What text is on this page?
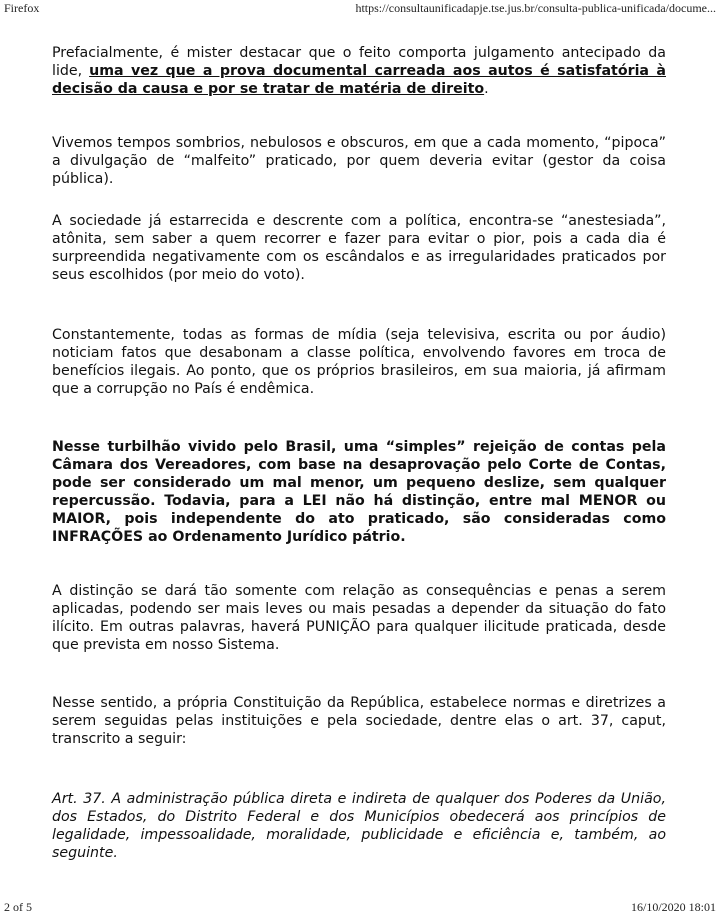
Firefox	https://consultaunificadapje.tse.jus.br/consulta-publica-unificada/docume...

Prefacialmente, é mister destacar que o feito comporta julgamento antecipado da lide, uma vez que a prova documental carreada aos autos é satisfatória à decisão da causa e por se tratar de matéria de direito.

Vivemos tempos sombrios, nebulosos e obscuros, em que a cada momento, “pipoca” a divulgação de “malfeito” praticado, por quem deveria evitar (gestor da coisa pública).

A sociedade já estarrecida e descrente com a política, encontra-se “anestesiada”, atônita, sem saber a quem recorrer e fazer para evitar o pior, pois a cada dia é surpreendida negativamente com os escândalos e as irregularidades praticados por seus escolhidos (por meio do voto).

Constantemente, todas as formas de mídia (seja televisiva, escrita ou por áudio) noticiam fatos que desabonam a classe política, envolvendo favores em troca de benefícios ilegais. Ao ponto, que os próprios brasileiros, em sua maioria, já afirmam que a corrupção no País é endêmica.

Nesse turbilhão vivido pelo Brasil, uma “simples” rejeição de contas pela Câmara dos Vereadores, com base na desaprovação pelo Corte de Contas, pode ser considerado um mal menor, um pequeno deslize, sem qualquer repercussão. Todavia, para a LEI não há distinção, entre mal MENOR ou MAIOR, pois independente do ato praticado, são consideradas como INFRAÇÕES ao Ordenamento Jurídico pátrio.

A distinção se dará tão somente com relação as consequências e penas a serem aplicadas, podendo ser mais leves ou mais pesadas a depender da situação do fato ilícito. Em outras palavras, haverá PUNIÇÃO para qualquer ilicitude praticada, desde que prevista em nosso Sistema.

Nesse sentido, a própria Constituição da República, estabelece normas e diretrizes a serem seguidas pelas instituições e pela sociedade, dentre elas o art. 37, caput, transcrito a seguir:

Art. 37. A administração pública direta e indireta de qualquer dos Poderes da União, dos Estados, do Distrito Federal e dos Municípios obedecerá aos princípios de legalidade, impessoalidade, moralidade, publicidade e eficiência e, também, ao seguinte.

2 of 5	16/10/2020 18:01
